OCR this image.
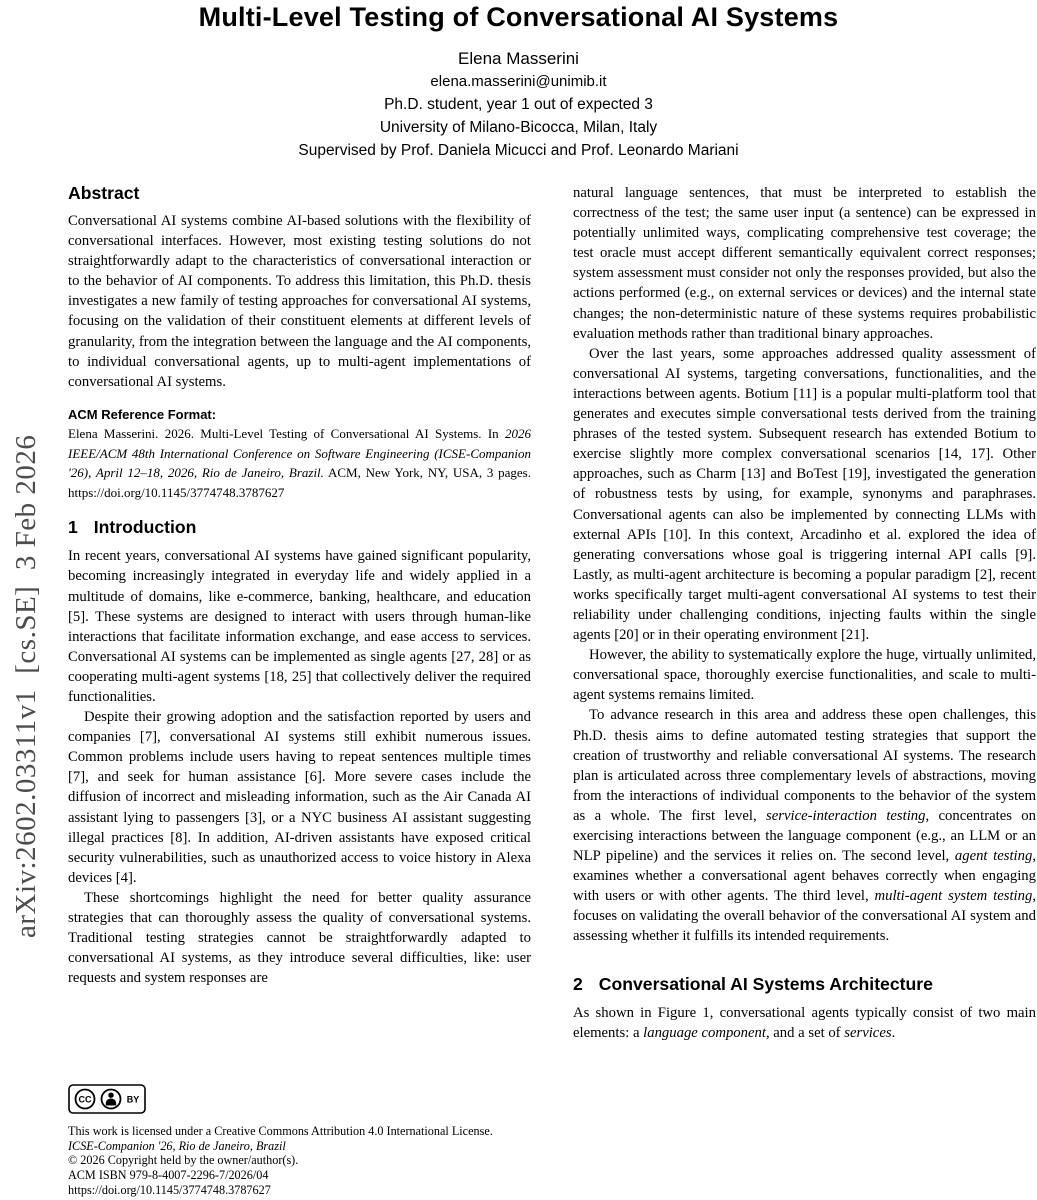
arXiv:2602.03311v1  [cs.SE]  3 Feb 2026
Multi-Level Testing of Conversational AI Systems
Elena Masserini
elena.masserini@unimib.it
Ph.D. student, year 1 out of expected 3
University of Milano-Bicocca, Milan, Italy
Supervised by Prof. Daniela Micucci and Prof. Leonardo Mariani
Abstract

Conversational AI systems combine AI-based solutions with the flexibility of conversational interfaces. However, most existing testing solutions do not straightforwardly adapt to the characteristics of conversational interaction or to the behavior of AI components. To address this limitation, this Ph.D. thesis investigates a new family of testing approaches for conversational AI systems, focusing on the validation of their constituent elements at different levels of granularity, from the integration between the language and the AI components, to individual conversational agents, up to multi-agent implementations of conversational AI systems.

ACM Reference Format:

Elena Masserini. 2026. Multi-Level Testing of Conversational AI Systems. In 2026 IEEE/ACM 48th International Conference on Software Engineering (ICSE-Companion '26), April 12–18, 2026, Rio de Janeiro, Brazil. ACM, New York, NY, USA, 3 pages. https://doi.org/10.1145/3774748.3787627

1 Introduction

In recent years, conversational AI systems have gained significant popularity, becoming increasingly integrated in everyday life and widely applied in a multitude of domains, like e-commerce, banking, healthcare, and education [5]. These systems are designed to interact with users through human-like interactions that facilitate information exchange, and ease access to services. Conversational AI systems can be implemented as single agents [27, 28] or as cooperating multi-agent systems [18, 25] that collectively deliver the required functionalities.

Despite their growing adoption and the satisfaction reported by users and companies [7], conversational AI systems still exhibit numerous issues. Common problems include users having to repeat sentences multiple times [7], and seek for human assistance [6]. More severe cases include the diffusion of incorrect and misleading information, such as the Air Canada AI assistant lying to passengers [3], or a NYC business AI assistant suggesting illegal practices [8]. In addition, AI-driven assistants have exposed critical security vulnerabilities, such as unauthorized access to voice history in Alexa devices [4].

These shortcomings highlight the need for better quality assurance strategies that can thoroughly assess the quality of conversational systems. Traditional testing strategies cannot be straightforwardly adapted to conversational AI systems, as they introduce several difficulties, like: user requests and system responses are

natural language sentences, that must be interpreted to establish the correctness of the test; the same user input (a sentence) can be expressed in potentially unlimited ways, complicating comprehensive test coverage; the test oracle must accept different semantically equivalent correct responses; system assessment must consider not only the responses provided, but also the actions performed (e.g., on external services or devices) and the internal state changes; the non-deterministic nature of these systems requires probabilistic evaluation methods rather than traditional binary approaches.

Over the last years, some approaches addressed quality assessment of conversational AI systems, targeting conversations, functionalities, and the interactions between agents. Botium [11] is a popular multi-platform tool that generates and executes simple conversational tests derived from the training phrases of the tested system. Subsequent research has extended Botium to exercise slightly more complex conversational scenarios [14, 17]. Other approaches, such as Charm [13] and BoTest [19], investigated the generation of robustness tests by using, for example, synonyms and paraphrases. Conversational agents can also be implemented by connecting LLMs with external APIs [10]. In this context, Arcadinho et al. explored the idea of generating conversations whose goal is triggering internal API calls [9]. Lastly, as multi-agent architecture is becoming a popular paradigm [2], recent works specifically target multi-agent conversational AI systems to test their reliability under challenging conditions, injecting faults within the single agents [20] or in their operating environment [21].

However, the ability to systematically explore the huge, virtually unlimited, conversational space, thoroughly exercise functionalities, and scale to multi-agent systems remains limited.

To advance research in this area and address these open challenges, this Ph.D. thesis aims to define automated testing strategies that support the creation of trustworthy and reliable conversational AI systems. The research plan is articulated across three complementary levels of abstractions, moving from the interactions of individual components to the behavior of the system as a whole. The first level, service-interaction testing, concentrates on exercising interactions between the language component (e.g., an LLM or an NLP pipeline) and the services it relies on. The second level, agent testing, examines whether a conversational agent behaves correctly when engaging with users or with other agents. The third level, multi-agent system testing, focuses on validating the overall behavior of the conversational AI system and assessing whether it fulfills its intended requirements.

2 Conversational AI Systems Architecture

As shown in Figure 1, conversational agents typically consist of two main elements: a language component, and a set of services.

CC	BY
This work is licensed under a Creative Commons Attribution 4.0 International License.
ICSE-Companion '26, Rio de Janeiro, Brazil
© 2026 Copyright held by the owner/author(s).
ACM ISBN 979-8-4007-2296-7/2026/04
https://doi.org/10.1145/3774748.3787627
